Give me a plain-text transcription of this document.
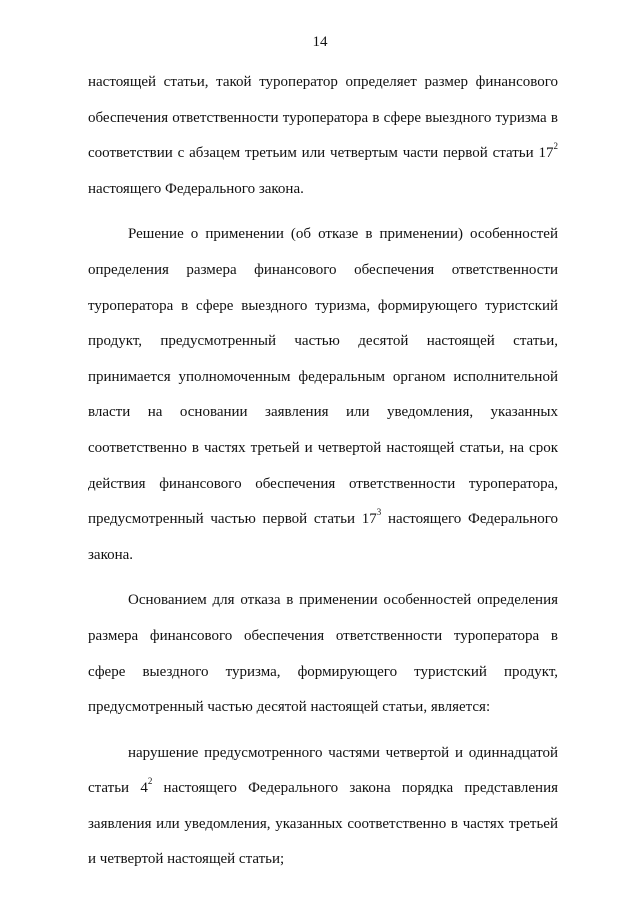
14
настоящей статьи, такой туроператор определяет размер финансового
обеспечения ответственности туроператора в сфере выездного туризма в
соответствии с абзацем третьим или четвертым части первой статьи $17^2$
настоящего Федерального закона.
Решение о применении (об отказе в применении) особенностей
определения размера финансового обеспечения ответственности
туроператора в сфере выездного туризма, формирующего туристский
продукт, предусмотренный частью десятой настоящей статьи,
принимается уполномоченным федеральным органом исполнительной
власти на основании заявления или уведомления, указанных
соответственно в частях третьей и четвертой настоящей статьи, на срок
действия финансового обеспечения ответственности туроператора,
предусмотренный частью первой статьи $17^3$ настоящего Федерального
закона.
Основанием для отказа в применении особенностей определения
размера финансового обеспечения ответственности туроператора в
сфере выездного туризма, формирующего туристский продукт,
предусмотренный частью десятой настоящей статьи, является:
нарушение предусмотренного частями четвертой и одиннадцатой
статьи $4^2$ настоящего Федерального закона порядка представления
заявления или уведомления, указанных соответственно в частях третьей
и четвертой настоящей статьи;
